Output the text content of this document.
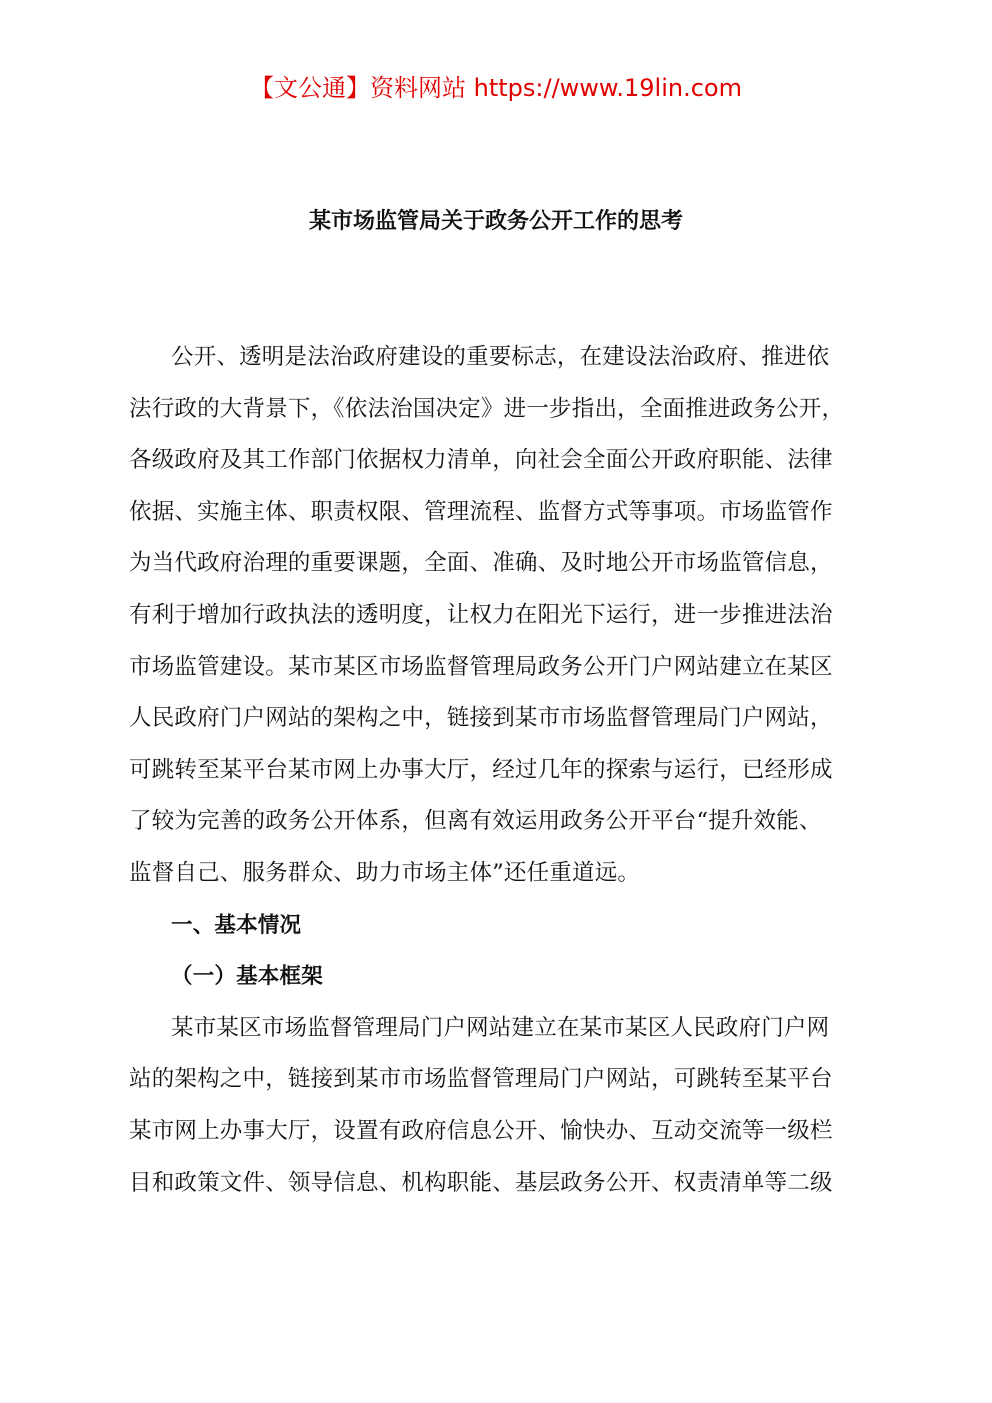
【文公通】资料网站 https://www.19lin.com
某市场监管局关于政务公开工作的思考
公开、透明是法治政府建设的重要标志，在建设法治政府、推进依
法行政的大背景下，《依法治国决定》进一步指出，全面推进政务公开，
各级政府及其工作部门依据权力清单，向社会全面公开政府职能、法律
依据、实施主体、职责权限、管理流程、监督方式等事项。市场监管作
为当代政府治理的重要课题，全面、准确、及时地公开市场监管信息，
有利于增加行政执法的透明度，让权力在阳光下运行，进一步推进法治
市场监管建设。某市某区市场监督管理局政务公开门户网站建立在某区
人民政府门户网站的架构之中，链接到某市市场监督管理局门户网站，
可跳转至某平台某市网上办事大厅，经过几年的探索与运行，已经形成
了较为完善的政务公开体系，但离有效运用政务公开平台“提升效能、
监督自己、服务群众、助力市场主体”还任重道远。
一、基本情况
（一）基本框架
某市某区市场监督管理局门户网站建立在某市某区人民政府门户网
站的架构之中，链接到某市市场监督管理局门户网站，可跳转至某平台
某市网上办事大厅，设置有政府信息公开、愉快办、互动交流等一级栏
目和政策文件、领导信息、机构职能、基层政务公开、权责清单等二级
